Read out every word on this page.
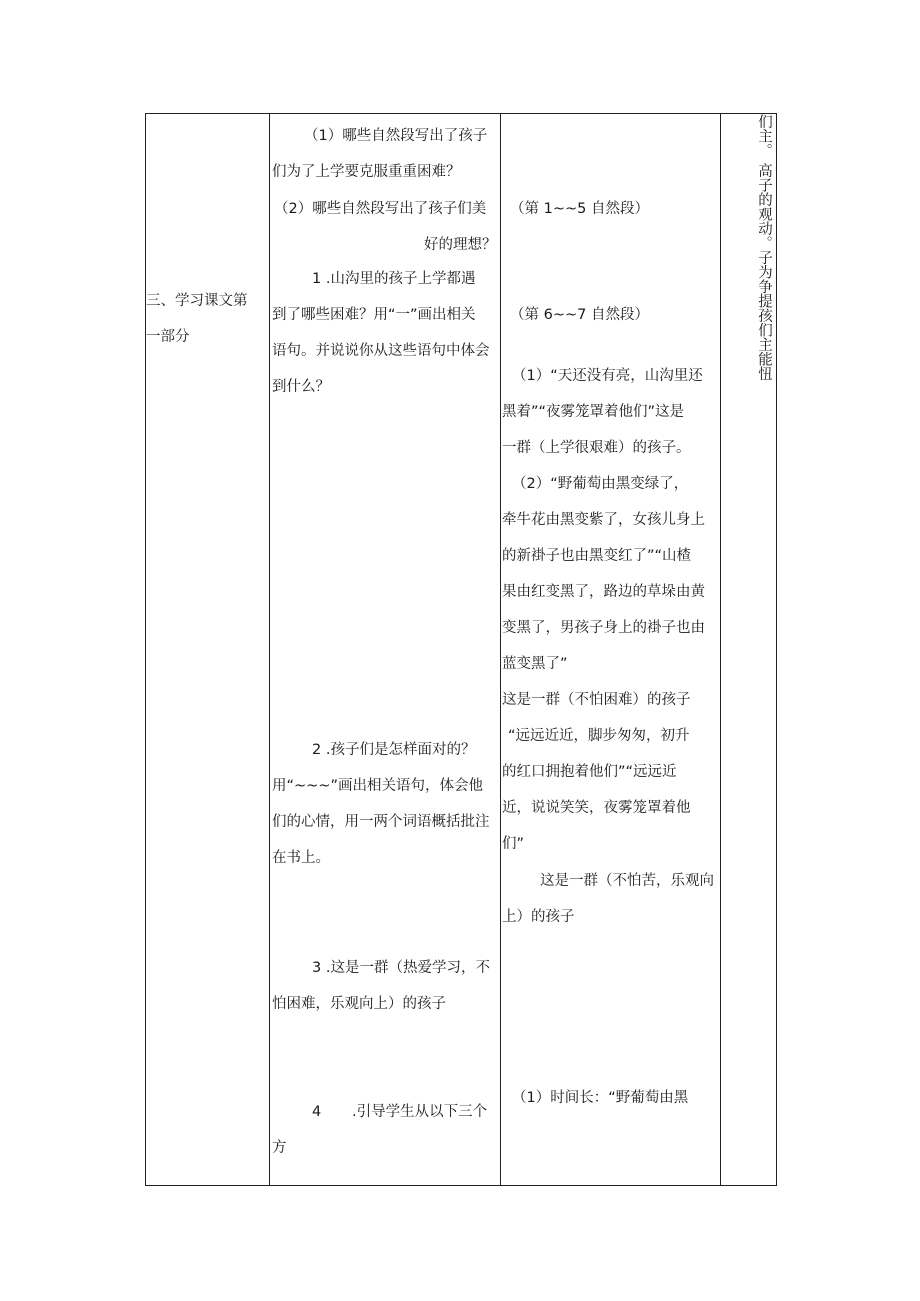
三、学习课文第
一部分
（1）哪些自然段写出了孩子
们为了上学要克服重重困难？
（2）哪些自然段写出了孩子们美
好的理想？
1 .山沟里的孩子上学都遇
到了哪些困难？用“一”画出相关
语句。并说说你从这些语句中体会
到什么？
2 .孩子们是怎样面对的？
用“~~~”画出相关语句，体会他
们的心情，用一两个词语概括批注
在书上。
3 .这是一群（热爱学习，不
怕困难，乐观向上）的孩子
4 .引导学生从以下三个
方
（第 1~~5 自然段）
（第 6~~7 自然段）
（1）“天还没有亮，山沟里还
黑着”“夜雾笼罩着他们”这是
一群（上学很艰难）的孩子。
（2）“野葡萄由黑变绿了，
牵牛花由黑变紫了，女孩儿身上
的新褂子也由黑变红了”“山楂
果由红变黑了，路边的草垛由黄
变黑了，男孩子身上的褂子也由
蓝变黑了”
这是一群（不怕困难）的孩子
“远远近近，脚步匆匆，初升
的红口拥抱着他们”“远远近
近，说说笑笑，夜雾笼罩着他
们”
这是一群（不怕苦，乐观向
上）的孩子
（1）时间长：“野葡萄由黑
们主。
高子的观动。
子为争提孩们主能忸
